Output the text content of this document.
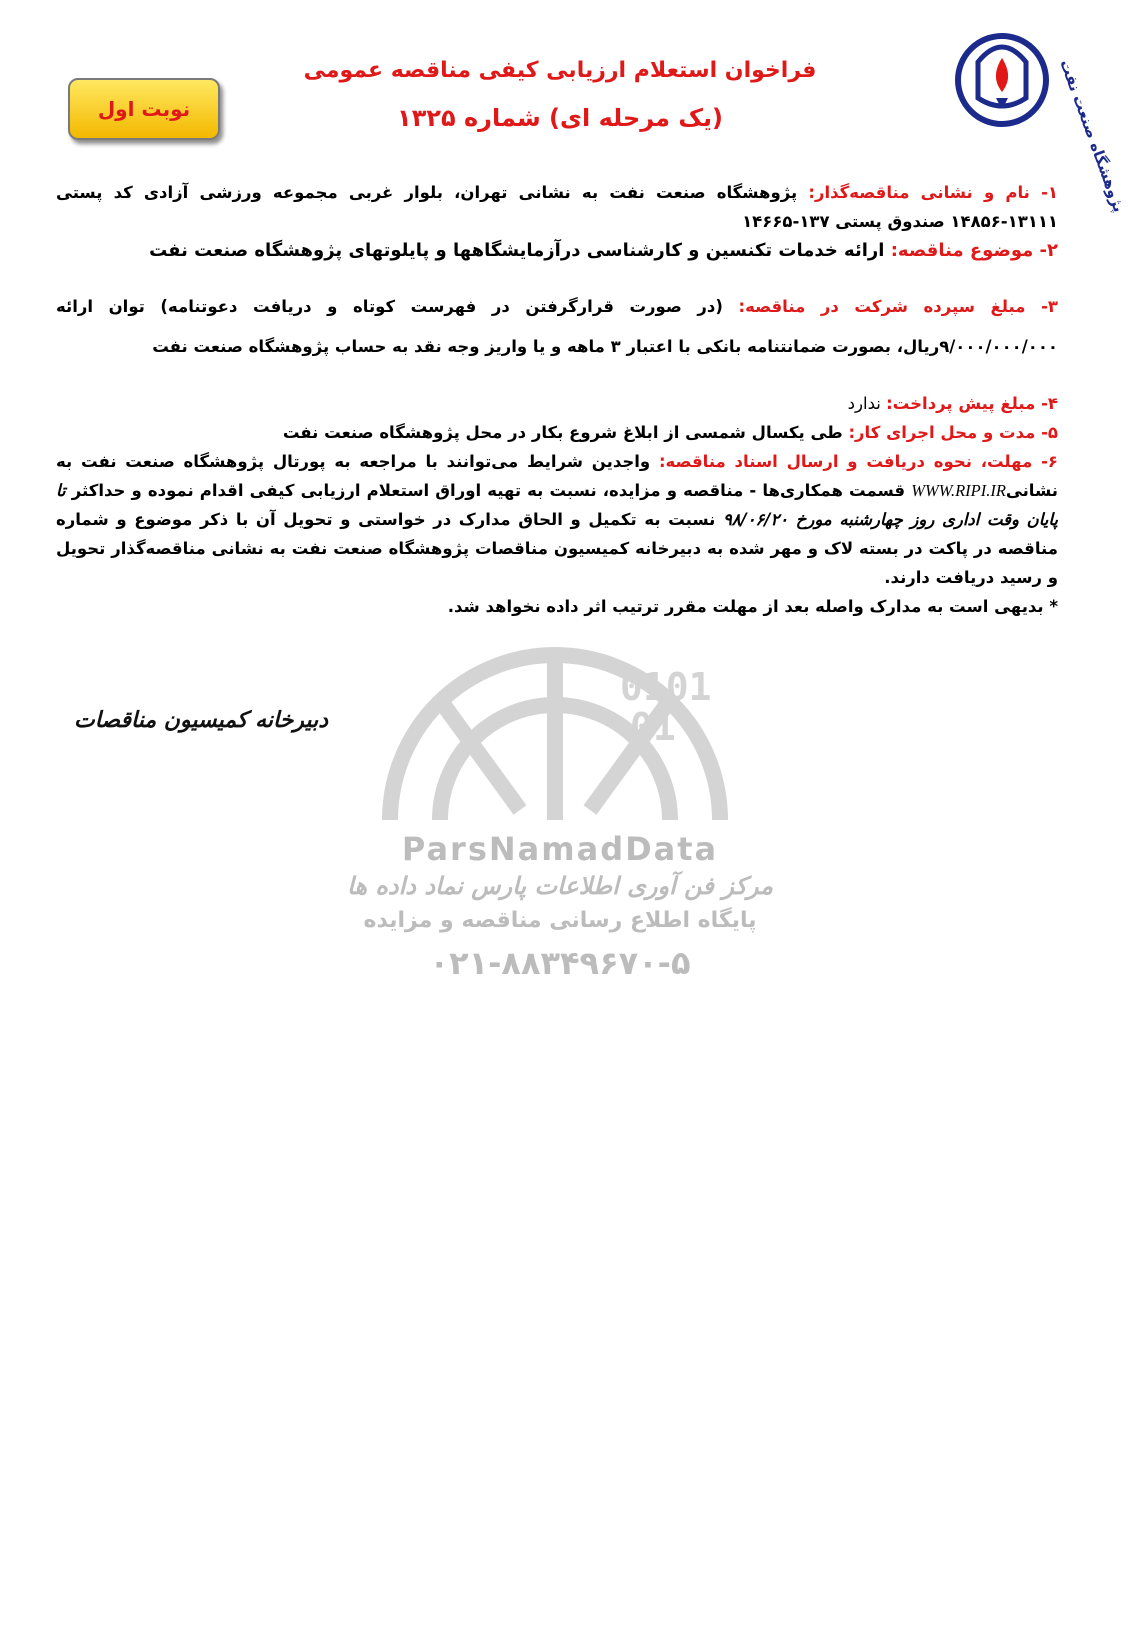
پژوهشگاه صنعت نفت
نوبت اول
فراخوان استعلام ارزیابی کیفی مناقصه عمومی
(یک مرحله ای) شماره ۱۳۲۵
0101
01
ParsNamadData
مرکز فن آوری اطلاعات پارس نماد داده ها
پایگاه اطلاع رسانی مناقصه و مزایده
۰۲۱-۸۸۳۴۹۶۷۰-۵

۱- نام و نشانی مناقصه‌گذار: پژوهشگاه صنعت نفت به نشانی تهران، بلوار غربی مجموعه ورزشی آزادی کد پستی ۱۳۱۱۱-۱۴۸۵۶ صندوق پستی ۱۳۷-۱۴۶۶۵

۲- موضوع مناقصه: ارائه خدمات تکنسین و کارشناسی درآزمایشگاهها و پایلوتهای پژوهشگاه صنعت نفت

۳- مبلغ سپرده شرکت در مناقصه: (در صورت قرارگرفتن در فهرست کوتاه و دریافت دعوتنامه) توان ارائه ۹/۰۰۰/۰۰۰/۰۰۰ریال، بصورت ضمانتنامه بانکی با اعتبار ۳ ماهه و یا واریز وجه نقد به حساب پژوهشگاه صنعت نفت

۴- مبلغ پیش پرداخت: ندارد

۵- مدت و محل اجرای کار: طی یکسال شمسی از ابلاغ شروع بکار در محل پژوهشگاه صنعت نفت

۶- مهلت، نحوه دریافت و ارسال اسناد مناقصه: واجدین شرایط می‌توانند با مراجعه به پورتال پژوهشگاه صنعت نفت به نشانیWWW.RIPI.IR قسمت همکاری‌ها - مناقصه و مزایده، نسبت به تهیه اوراق استعلام ارزیابی کیفی اقدام نموده و حداکثر تا پایان وقت اداری روز چهارشنبه مورخ ۹۸/۰۶/۲۰ نسبت به تکمیل و الحاق مدارک در خواستی و تحویل آن با ذکر موضوع و شماره مناقصه در پاکت در بسته لاک و مهر شده به دبیرخانه کمیسیون مناقصات پژوهشگاه صنعت نفت به نشانی مناقصه‌گذار تحویل و رسید دریافت دارند.

* بدیهی است به مدارک واصله بعد از مهلت مقرر ترتیب اثر داده نخواهد شد.

دبیرخانه کمیسیون مناقصات
